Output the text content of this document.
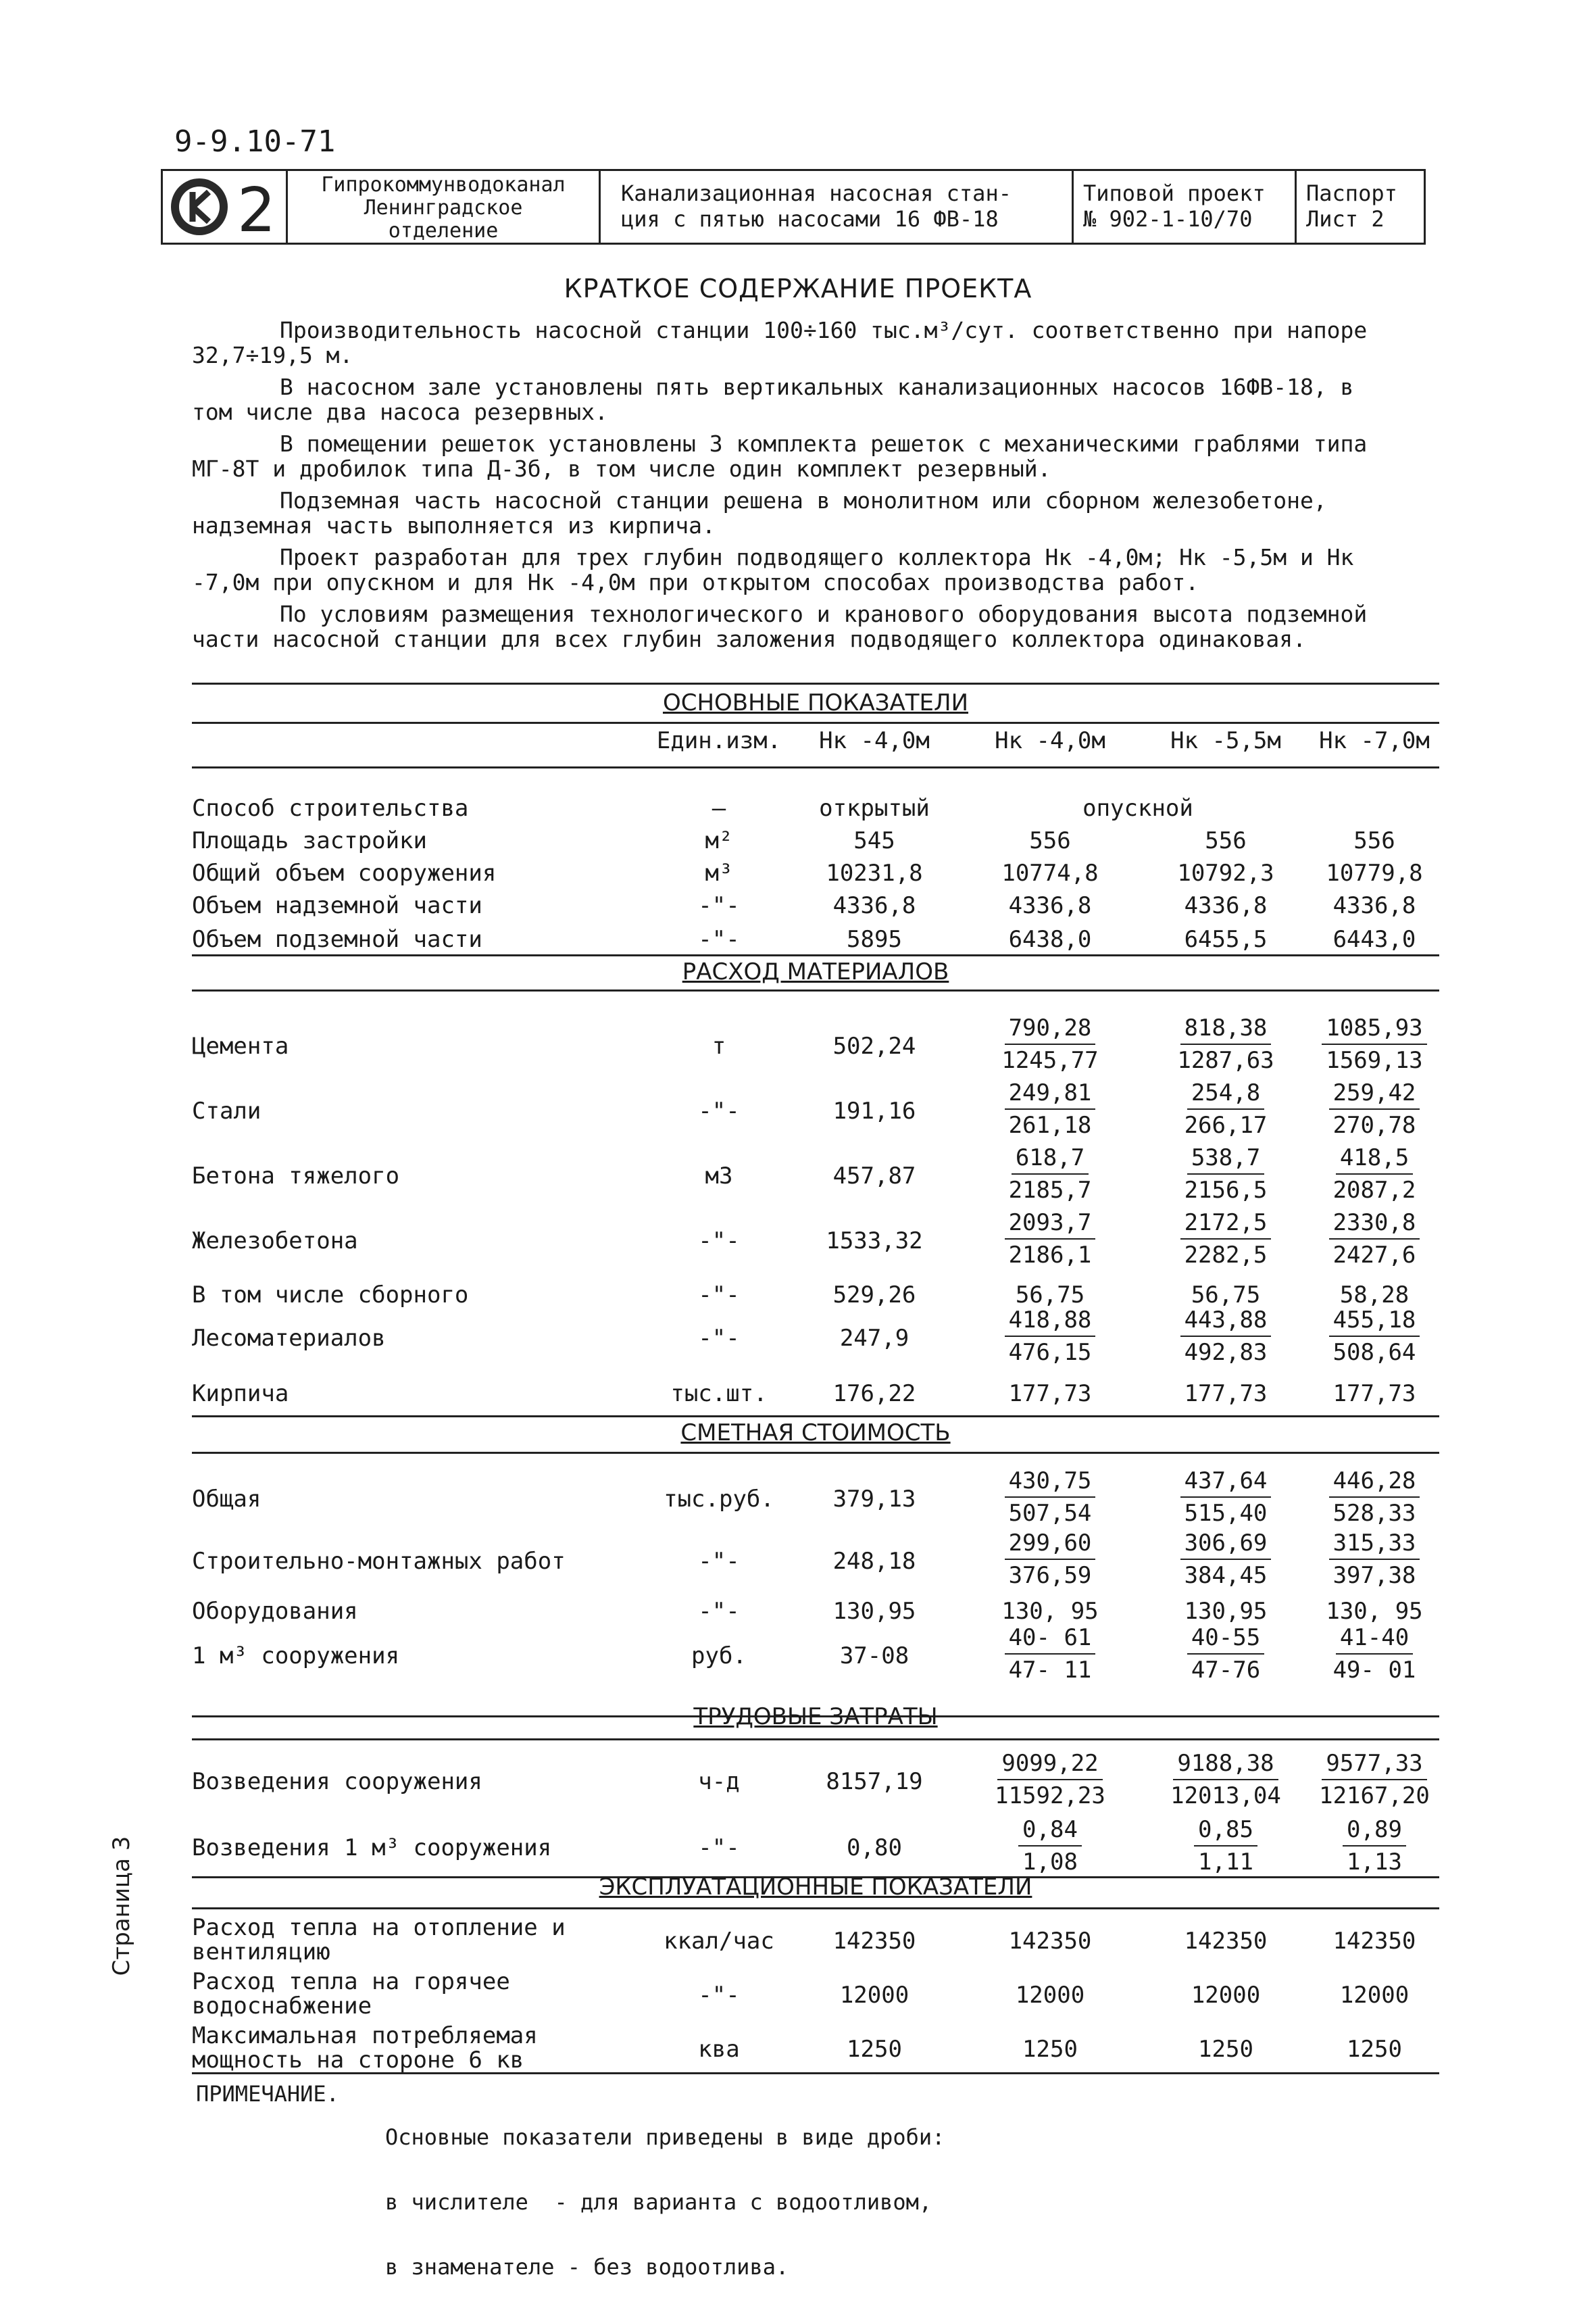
9-9.10-71
2	Гипрокоммунводоканал
Ленинградское
отделение
Канализационная насосная стан-
ция с пятью насосами 16 ФВ-18
Типовой проект
№ 902-1-10/70
Паспорт
Лист 2
КРАТКОЕ СОДЕРЖАНИЕ ПРОЕКТА

Производительность насосной станции 100÷160 тыс.м³/сут. соответственно при напоре 32,7÷19,5 м.

В насосном зале установлены пять вертикальных канализационных насосов 16ФВ-18, в том числе два насоса резервных.

В помещении решеток установлены 3 комплекта решеток с механическими граблями типа МГ-8Т и дробилок типа Д-3б, в том числе один комплект резервный.

Подземная часть насосной станции решена в монолитном или сборном железобетоне, надземная часть выполняется из кирпича.

Проект разработан для трех глубин подводящего коллектора Hк -4,0м; Hк -5,5м и Hк -7,0м при опускном и для Hк -4,0м при открытом способах производства работ.

По условиям размещения технологического и кранового оборудования высота подземной части насосной станции для всех глубин заложения подводящего коллектора одинаковая.

ОСНОВНЫЕ ПОКАЗАТЕЛИ
Един.изм.	Hк -4,0м	Hк -4,0м	Hк -5,5м	Hк -7,0м
Способ строительства	–	открытый	опускной
Площадь застройки	м²	545	556	556	556
Общий объем сооружения	м³	10231,8	10774,8	10792,3	10779,8
Объем надземной части	-"-	4336,8	4336,8	4336,8	4336,8
Объем подземной части	-"-	5895	6438,0	6455,5	6443,0
РАСХОД МАТЕРИАЛОВ
Цемента	т	502,24	$\frac{790,28}{1245,77} \frac{818,38}{1287,63} \frac{1085,93}{1569,13}$
Стали	-"-	191,16	$\frac{249,81}{261,18} \frac{254,8}{266,17} \frac{259,42}{270,78}$
Бетона тяжелого	м3	457,87	$\frac{618,7}{2185,7} \frac{538,7}{2156,5} \frac{418,5}{2087,2}$
Железобетона	-"-	1533,32	$\frac{2093,7}{2186,1} \frac{2172,5}{2282,5} \frac{2330,8}{2427,6}$
В том числе сборного	-"-	529,26	56,75	56,75	58,28
Лесоматериалов	-"-	247,9	$\frac{418,88}{476,15} \frac{443,88}{492,83} \frac{455,18}{508,64}$
Кирпича	тыс.шт.	176,22	177,73	177,73	177,73
СМЕТНАЯ СТОИМОСТЬ
Общая	тыс.руб.	379,13	$\frac{430,75}{507,54} \frac{437,64}{515,40} \frac{446,28}{528,33}$
Строительно-монтажных работ	-"-	248,18	$\frac{299,60}{376,59} \frac{306,69}{384,45} \frac{315,33}{397,38}$
Оборудования	-"-	130,95	130, 95	130,95	130, 95
1 м³ сооружения	руб.	37-08	$\frac{40- 61}{47- 11} \frac{40-55}{47-76} \frac{41-40}{49- 01}$
ТРУДОВЫЕ ЗАТРАТЫ
Возведения сооружения	ч-д	8157,19	$\frac{9099,22}{11592,23} \frac{9188,38}{12013,04} \frac{9577,33}{12167,20}$
Возведения 1 м³ сооружения	-"-	0,80	$\frac{0,84}{1,08} \frac{0,85}{1,11} \frac{0,89}{1,13}$
ЭКСПЛУАТАЦИОННЫЕ ПОКАЗАТЕЛИ
Расход тепла на отопление и
вентиляцию	ккал/час	142350	142350	142350	142350
Расход тепла на горячее
водоснабжение	-"-	12000	12000	12000	12000
Максимальная потребляемая
мощность на стороне 6 кв	ква	1250	1250	1250	1250
ПРИМЕЧАНИЕ.

Основные показатели приведены в виде дроби:

в числителе  - для варианта с водоотливом,

в знаменателе - без водоотлива.

Страница 3
